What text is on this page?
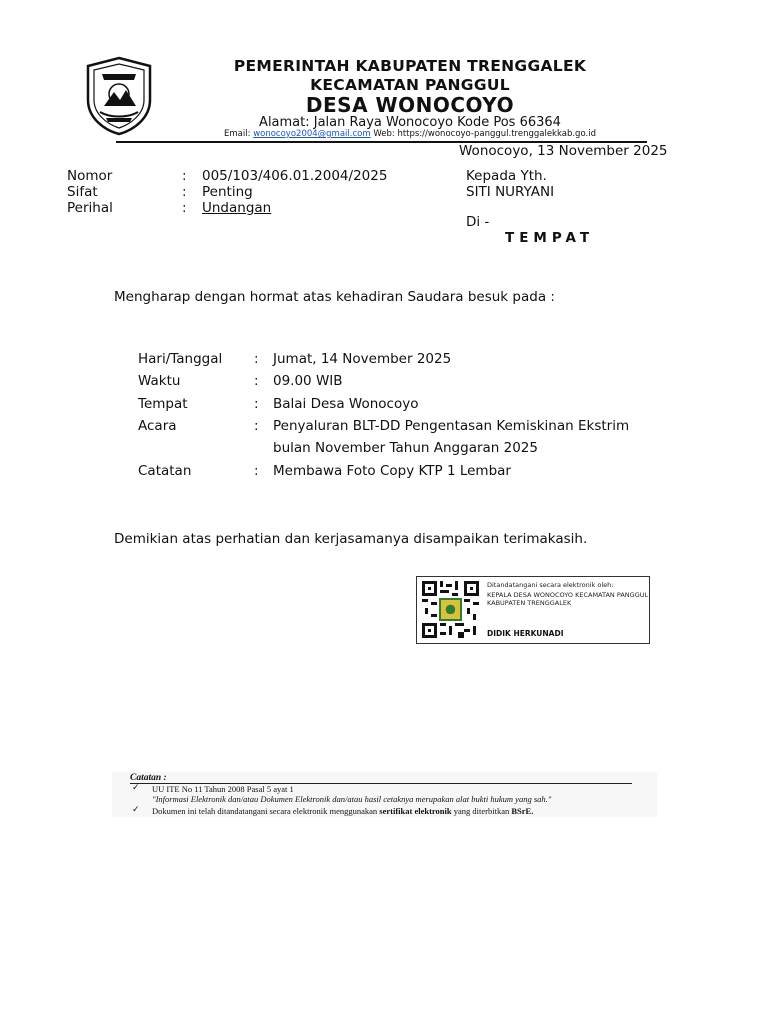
PEMERINTAH KABUPATEN TRENGGALEK
KECAMATAN PANGGUL
DESA WONOCOYO
Alamat: Jalan Raya Wonocoyo Kode Pos 66364
Email: wonocoyo2004@gmail.com Web: https://wonocoyo-panggul.trenggalekkab.go.id
Wonocoyo, 13 November 2025
Nomor	: 005/103/406.01.2004/2025
Sifat	: Penting
Perihal	: Undangan
Kepada Yth.
SITI NURYANI
Di -
TEMPAT
Mengharap dengan hormat atas kehadiran Saudara besuk pada :
Hari/Tanggal : Jumat, 14 November 2025
Waktu	: 09.00 WIB
Tempat	: Balai Desa Wonocoyo
Acara	: Penyaluran BLT-DD Pengentasan Kemiskinan Ekstrim
bulan November Tahun Anggaran 2025
Catatan	: Membawa Foto Copy KTP 1 Lembar
Demikian atas perhatian dan kerjasamanya disampaikan terimakasih.
Ditandatangani secara elektronik oleh:
KEPALA DESA WONOCOYO KECAMATAN PANGGUL
KABUPATEN TRENGGALEK
DIDIK HERKUNADI
Catatan :
✓ UU ITE No 11 Tahun 2008 Pasal 5 ayat 1
"Informasi Elektronik dan/atau Dokumen Elektronik dan/atau hasil cetaknya merupakan alat bukti hukum yang sah."
✓ Dokumen ini telah ditandatangani secara elektronik menggunakan sertifikat elektronik yang diterbitkan BSrE.
